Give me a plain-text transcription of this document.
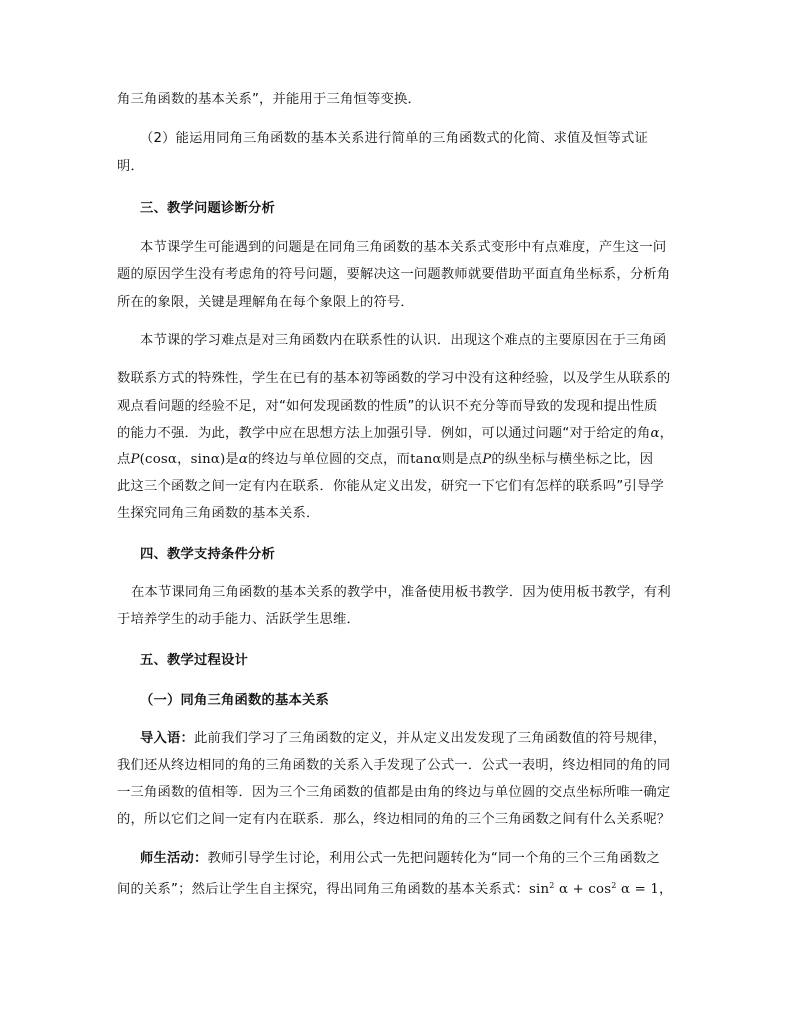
角三角函数的基本关系”，并能用于三角恒等变换．
（2）能运用同角三角函数的基本关系进行简单的三角函数式的化简、求值及恒等式证
明．
三、教学问题诊断分析
本节课学生可能遇到的问题是在同角三角函数的基本关系式变形中有点难度，产生这一问
题的原因学生没有考虑角的符号问题，要解决这一问题教师就要借助平面直角坐标系，分析角
所在的象限，关键是理解角在每个象限上的符号．
本节课的学习难点是对三角函数内在联系性的认识．出现这个难点的主要原因在于三角函
数联系方式的特殊性，学生在已有的基本初等函数的学习中没有这种经验，以及学生从联系的
观点看问题的经验不足，对“如何发现函数的性质”的认识不充分等而导致的发现和提出性质
的能力不强．为此，教学中应在思想方法上加强引导．例如，可以通过问题“对于给定的角α，
点P(cosα，sinα)是α的终边与单位圆的交点，而tanα则是点P的纵坐标与横坐标之比，因
此这三个函数之间一定有内在联系．你能从定义出发，研究一下它们有怎样的联系吗”引导学
生探究同角三角函数的基本关系．
四、教学支持条件分析
在本节课同角三角函数的基本关系的教学中，准备使用板书教学．因为使用板书教学，有利
于培养学生的动手能力、活跃学生思维．
五、教学过程设计
（一）同角三角函数的基本关系
导入语：此前我们学习了三角函数的定义，并从定义出发发现了三角函数值的符号规律，
我们还从终边相同的角的三角函数的关系入手发现了公式一．公式一表明，终边相同的角的同
一三角函数的值相等．因为三个三角函数的值都是由角的终边与单位圆的交点坐标所唯一确定
的，所以它们之间一定有内在联系．那么，终边相同的角的三个三角函数之间有什么关系呢？
师生活动：教师引导学生讨论，利用公式一先把问题转化为“同一个角的三个三角函数之
间的关系”；然后让学生自主探究，得出同角三角函数的基本关系式：$\sin^2 \alpha + \cos^2 \alpha = 1$，
